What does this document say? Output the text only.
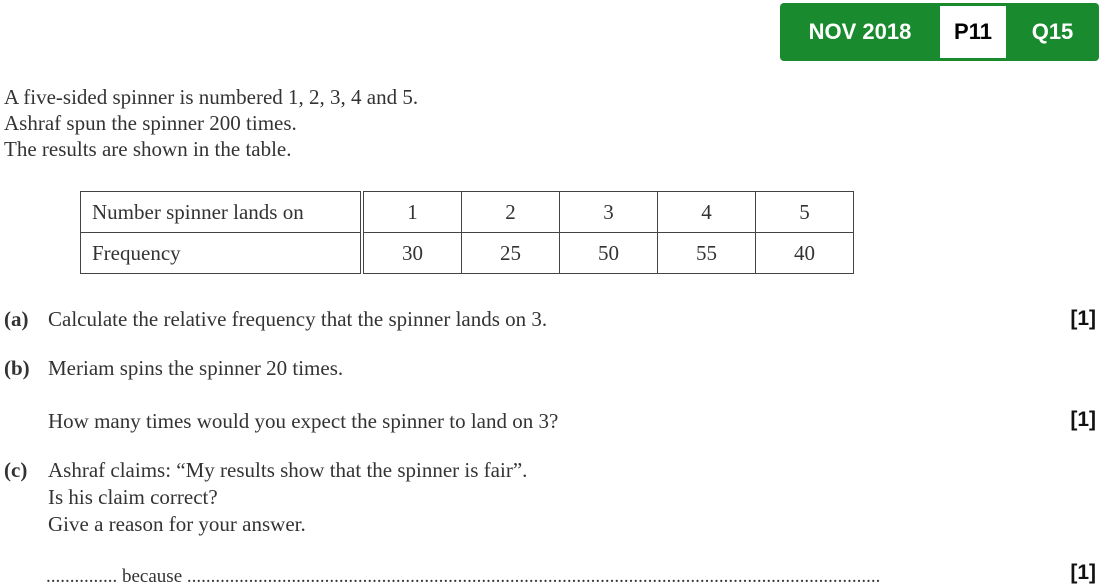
NOV 2018	P11	Q15
A five-sided spinner is numbered 1, 2, 3, 4 and 5.
Ashraf spun the spinner 200 times.
The results are shown in the table.
Number spinner lands on	1	2	3	4	5
Frequency	30	25	50	55	40
(a) Calculate the relative frequency that the spinner lands on 3.	[1]
(b) Meriam spins the spinner 20 times.
How many times would you expect the spinner to land on 3?	[1]
(c) Ashraf claims: “My results show that the spinner is fair”.
Is his claim correct?
Give a reason for your answer.
............... because ..................................................................................................................................................	[1]
